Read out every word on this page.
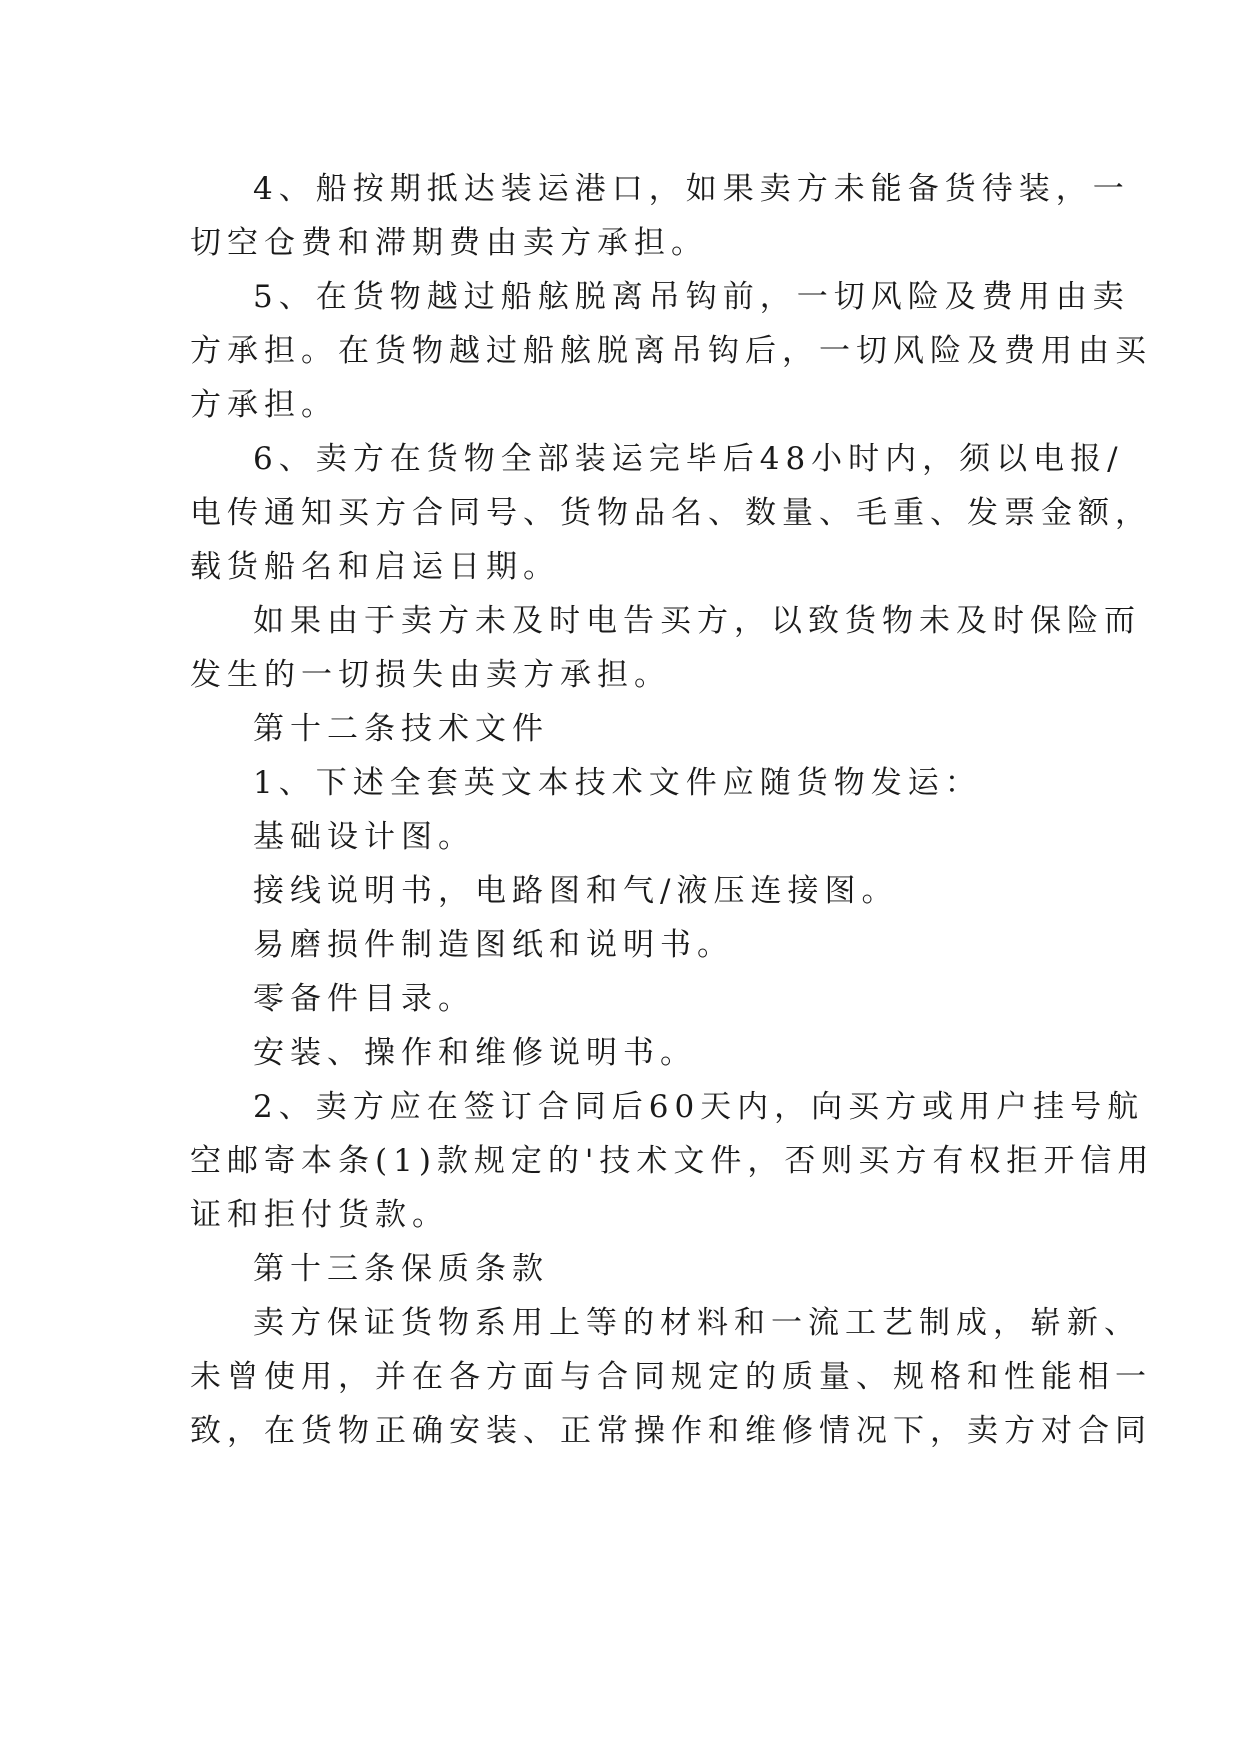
4、船按期抵达装运港口，如果卖方未能备货待装，一
切空仓费和滞期费由卖方承担。
5、在货物越过船舷脱离吊钩前，一切风险及费用由卖
方承担。在货物越过船舷脱离吊钩后，一切风险及费用由买
方承担。
6、卖方在货物全部装运完毕后48小时内，须以电报/
电传通知买方合同号、货物品名、数量、毛重、发票金额，
载货船名和启运日期。
如果由于卖方未及时电告买方，以致货物未及时保险而
发生的一切损失由卖方承担。
第十二条技术文件
1、下述全套英文本技术文件应随货物发运：
基础设计图。
接线说明书，电路图和气/液压连接图。
易磨损件制造图纸和说明书。
零备件目录。
安装、操作和维修说明书。
2、卖方应在签订合同后60天内，向买方或用户挂号航
空邮寄本条(1)款规定的'技术文件，否则买方有权拒开信用
证和拒付货款。
第十三条保质条款
卖方保证货物系用上等的材料和一流工艺制成，崭新、
未曾使用，并在各方面与合同规定的质量、规格和性能相一
致，在货物正确安装、正常操作和维修情况下，卖方对合同
